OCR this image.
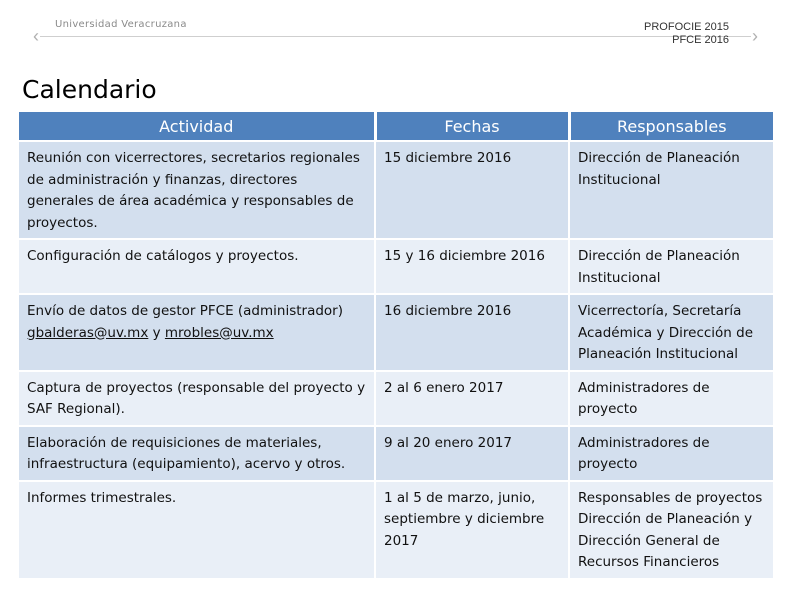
Universidad Veracruzana
‹	›
PROFOCIE 2015
PFCE 2016
Calendario
Actividad	Fechas	Responsables
Reunión con vicerrectores, secretarios regionales de administración y finanzas, directores generales de área académica y responsables de proyectos.	15 diciembre 2016	Dirección de Planeación Institucional
Configuración de catálogos y proyectos.	15 y 16 diciembre 2016	Dirección de Planeación Institucional
Envío de datos de gestor PFCE (administrador) gbalderas@uv.mx y mrobles@uv.mx	16 diciembre 2016	Vicerrectoría, Secretaría Académica y Dirección de Planeación Institucional
Captura de proyectos (responsable del proyecto y SAF Regional).	2 al 6 enero 2017	Administradores de proyecto
Elaboración de requisiciones de materiales, infraestructura (equipamiento), acervo y otros.	9 al 20 enero 2017	Administradores de proyecto
Informes trimestrales.	1 al 5 de marzo, junio, septiembre y diciembre 2017	Responsables de proyectos Dirección de Planeación y Dirección General de Recursos Financieros
